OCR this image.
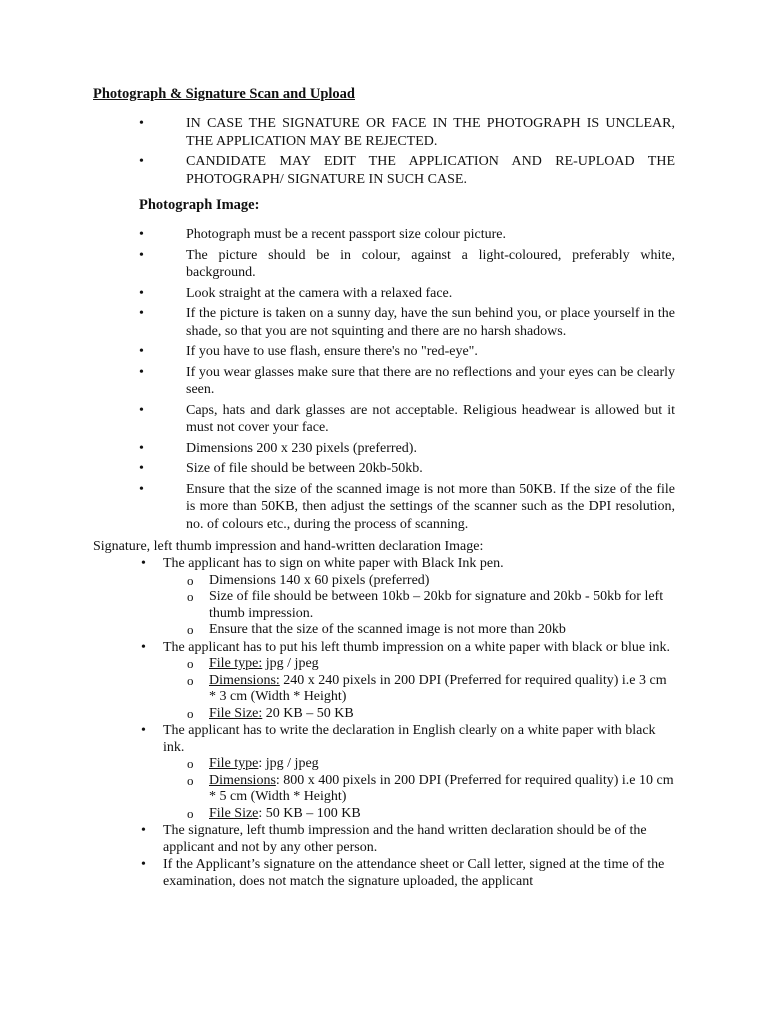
Photograph & Signature Scan and Upload
• IN CASE THE SIGNATURE OR FACE IN THE PHOTOGRAPH IS UNCLEAR, THE APPLICATION MAY BE REJECTED.
• CANDIDATE MAY EDIT THE APPLICATION AND RE-UPLOAD THE PHOTOGRAPH/ SIGNATURE IN SUCH CASE.
Photograph Image:
• Photograph must be a recent passport size colour picture.
• The picture should be in colour, against a light-coloured, preferably white, background.
• Look straight at the camera with a relaxed face.
• If the picture is taken on a sunny day, have the sun behind you, or place yourself in the shade, so that you are not squinting and there are no harsh shadows.
• If you have to use flash, ensure there's no "red-eye".
• If you wear glasses make sure that there are no reflections and your eyes can be clearly seen.
• Caps, hats and dark glasses are not acceptable. Religious headwear is allowed but it must not cover your face.
• Dimensions 200 x 230 pixels (preferred).
• Size of file should be between 20kb-50kb.
• Ensure that the size of the scanned image is not more than 50KB. If the size of the file is more than 50KB, then adjust the settings of the scanner such as the DPI resolution, no. of colours etc., during the process of scanning.
Signature, left thumb impression and hand-written declaration Image:
• The applicant has to sign on white paper with Black Ink pen.
o Dimensions 140 x 60 pixels (preferred)
o Size of file should be between 10kb – 20kb for signature and 20kb - 50kb for left thumb impression.
o Ensure that the size of the scanned image is not more than 20kb
• The applicant has to put his left thumb impression on a white paper with black or blue ink.
o File type: jpg / jpeg
o Dimensions: 240 x 240 pixels in 200 DPI (Preferred for required quality) i.e 3 cm * 3 cm (Width * Height)
o File Size: 20 KB – 50 KB
• The applicant has to write the declaration in English clearly on a white paper with black ink.
o File type: jpg / jpeg
o Dimensions: 800 x 400 pixels in 200 DPI (Preferred for required quality) i.e 10 cm * 5 cm (Width * Height)
o File Size: 50 KB – 100 KB
• The signature, left thumb impression and the hand written declaration should be of the applicant and not by any other person.
• If the Applicant’s signature on the attendance sheet or Call letter, signed at the time of the examination, does not match the signature uploaded, the applicant
